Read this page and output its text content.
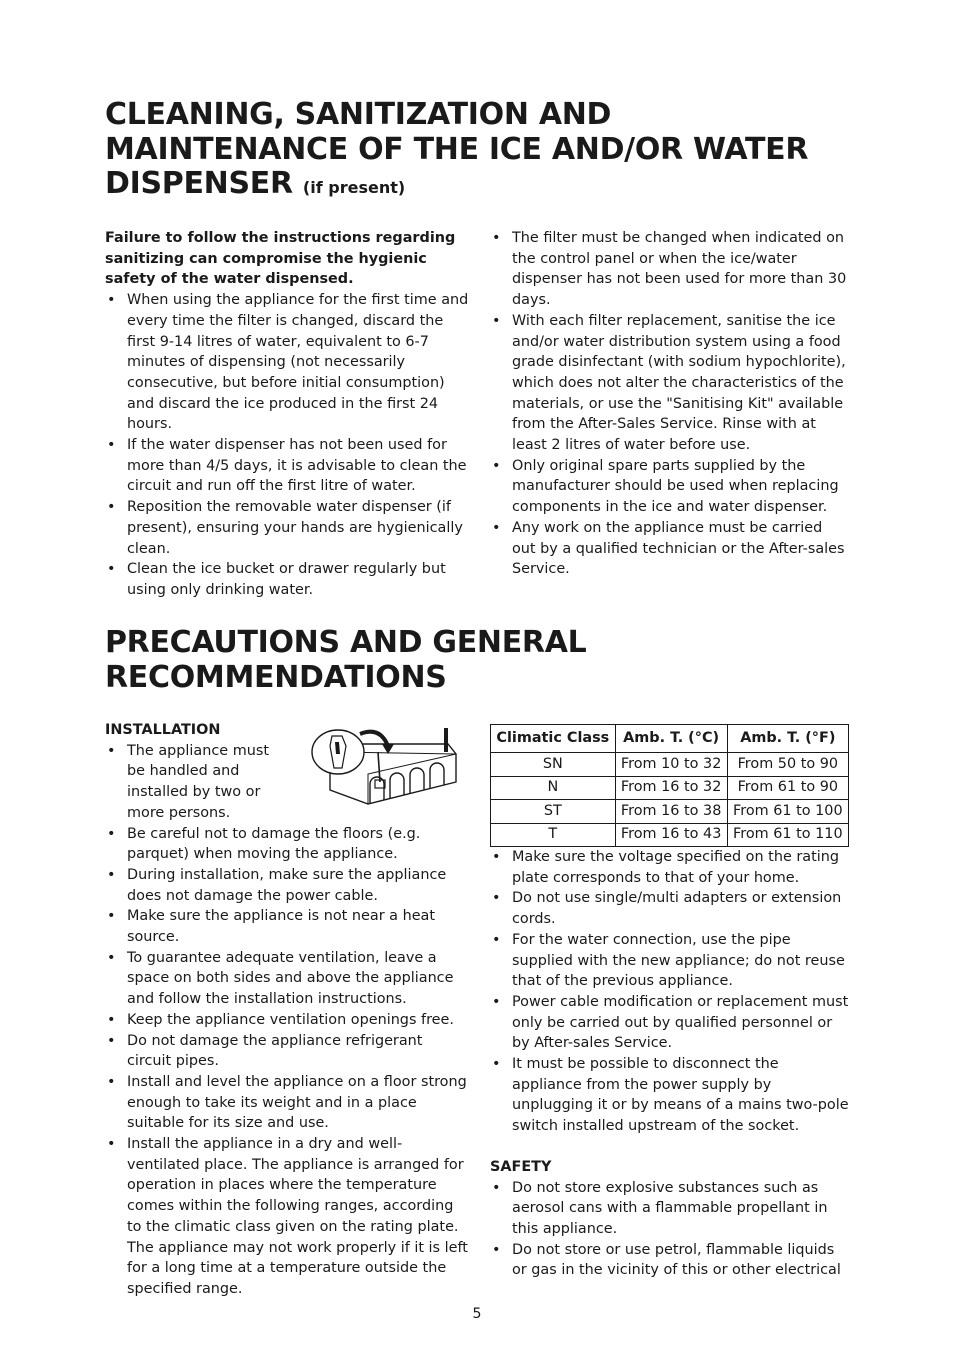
CLEANING, SANITIZATION AND MAINTENANCE OF THE ICE AND/OR WATER DISPENSER (if present)

Failure to follow the instructions regarding sanitizing can compromise the hygienic safety of the water dispensed.

• When using the appliance for the first time and every time the filter is changed, discard the first 9-14 litres of water, equivalent to 6-7 minutes of dispensing (not necessarily consecutive, but before initial consumption) and discard the ice produced in the first 24 hours.
• If the water dispenser has not been used for more than 4/5 days, it is advisable to clean the circuit and run off the first litre of water.
• Reposition the removable water dispenser (if present), ensuring your hands are hygienically clean.
• Clean the ice bucket or drawer regularly but using only drinking water.
• The filter must be changed when indicated on the control panel or when the ice/water dispenser has not been used for more than 30 days.
• With each filter replacement, sanitise the ice and/or water distribution system using a food grade disinfectant (with sodium hypochlorite), which does not alter the characteristics of the materials, or use the "Sanitising Kit" available from the After-Sales Service. Rinse with at least 2 litres of water before use.
• Only original spare parts supplied by the manufacturer should be used when replacing components in the ice and water dispenser.
• Any work on the appliance must be carried out by a qualified technician or the After-sales Service.
PRECAUTIONS AND GENERAL RECOMMENDATIONS

INSTALLATION

• The appliance must be handled and installed by two or more persons.
• Be careful not to damage the floors (e.g. parquet) when moving the appliance.
• During installation, make sure the appliance does not damage the power cable.
• Make sure the appliance is not near a heat source.
• To guarantee adequate ventilation, leave a space on both sides and above the appliance and follow the installation instructions.
• Keep the appliance ventilation openings free.
• Do not damage the appliance refrigerant circuit pipes.
• Install and level the appliance on a floor strong enough to take its weight and in a place suitable for its size and use.
• Install the appliance in a dry and well-ventilated place. The appliance is arranged for operation in places where the temperature comes within the following ranges, according to the climatic class given on the rating plate. The appliance may not work properly if it is left for a long time at a temperature outside the specified range.
Climatic Class	Amb. T. (°C)	Amb. T. (°F)
SN	From 10 to 32	From 50 to 90
N	From 16 to 32	From 61 to 90
ST	From 16 to 38	From 61 to 100
T	From 16 to 43	From 61 to 110
• Make sure the voltage specified on the rating plate corresponds to that of your home.
• Do not use single/multi adapters or extension cords.
• For the water connection, use the pipe supplied with the new appliance; do not reuse that of the previous appliance.
• Power cable modification or replacement must only be carried out by qualified personnel or by After-sales Service.
• It must be possible to disconnect the appliance from the power supply by unplugging it or by means of a mains two-pole switch installed upstream of the socket.

SAFETY

• Do not store explosive substances such as aerosol cans with a flammable propellant in this appliance.
• Do not store or use petrol, flammable liquids or gas in the vicinity of this or other electrical
5
